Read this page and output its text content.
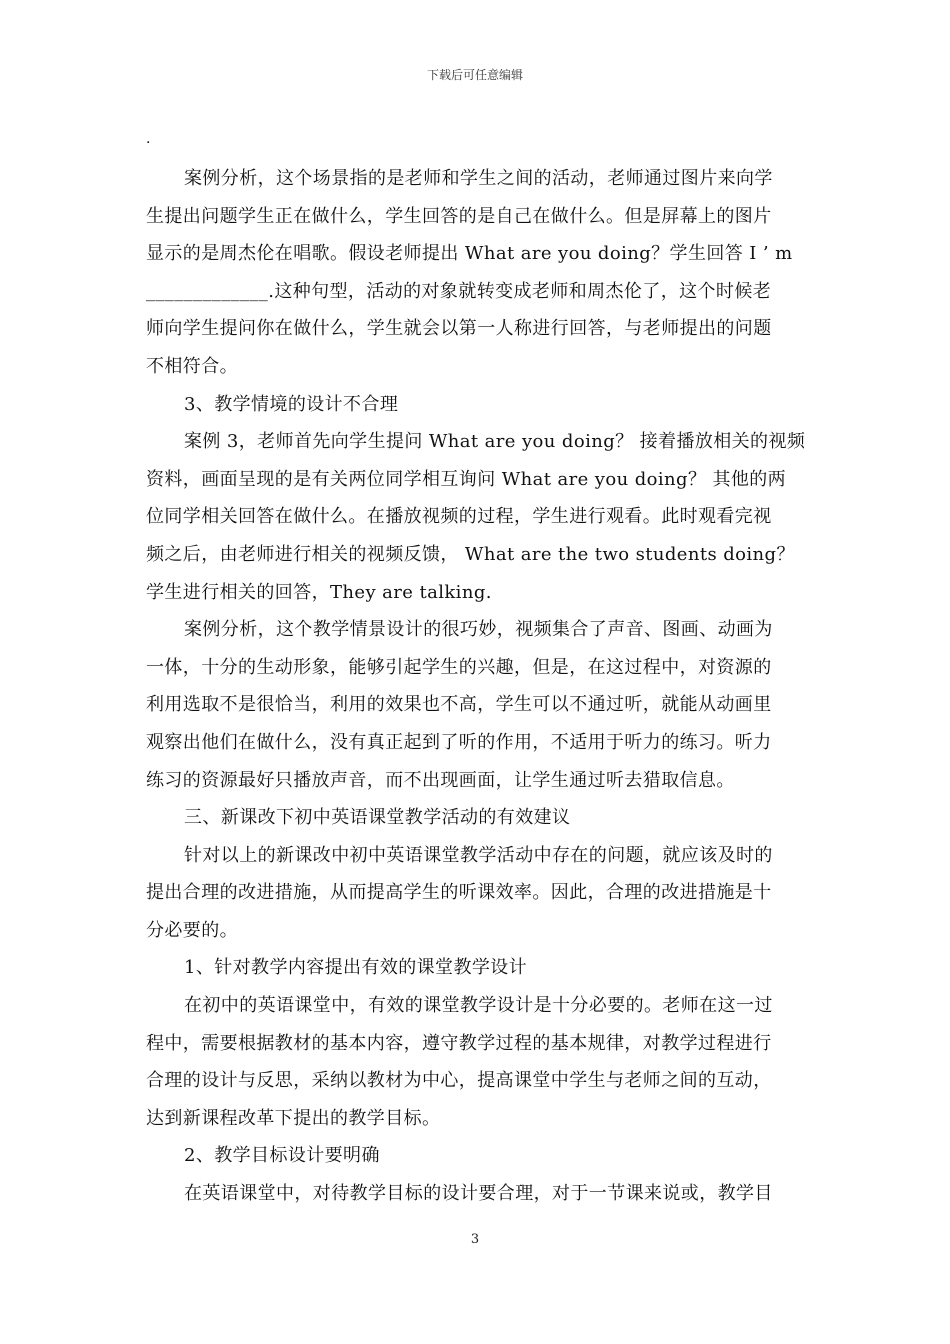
下载后可任意编辑
.
案例分析，这个场景指的是老师和学生之间的活动，老师通过图片来向学
生提出问题学生正在做什么，学生回答的是自己在做什么。但是屏幕上的图片
显示的是周杰伦在唱歌。假设老师提出 What are you doing？学生回答 I ’ m
_____________.这种句型，活动的对象就转变成老师和周杰伦了，这个时候老
师向学生提问你在做什么，学生就会以第一人称进行回答，与老师提出的问题
不相符合。
3、教学情境的设计不合理
案例 3，老师首先向学生提问 What are you doing？ 接着播放相关的视频
资料，画面呈现的是有关两位同学相互询问 What are you doing？ 其他的两
位同学相关回答在做什么。在播放视频的过程，学生进行观看。此时观看完视
频之后，由老师进行相关的视频反馈， What are the two students doing？
学生进行相关的回答，They are talking.
案例分析，这个教学情景设计的很巧妙，视频集合了声音、图画、动画为
一体，十分的生动形象，能够引起学生的兴趣，但是，在这过程中，对资源的
利用选取不是很恰当，利用的效果也不高，学生可以不通过听，就能从动画里
观察出他们在做什么，没有真正起到了听的作用，不适用于听力的练习。听力
练习的资源最好只播放声音，而不出现画面，让学生通过听去猎取信息。
三、新课改下初中英语课堂教学活动的有效建议
针对以上的新课改中初中英语课堂教学活动中存在的问题，就应该及时的
提出合理的改进措施，从而提高学生的听课效率。因此，合理的改进措施是十
分必要的。
1、针对教学内容提出有效的课堂教学设计
在初中的英语课堂中，有效的课堂教学设计是十分必要的。老师在这一过
程中，需要根据教材的基本内容，遵守教学过程的基本规律，对教学过程进行
合理的设计与反思，采纳以教材为中心，提高课堂中学生与老师之间的互动，
达到新课程改革下提出的教学目标。
2、教学目标设计要明确
在英语课堂中，对待教学目标的设计要合理，对于一节课来说或，教学目
3
